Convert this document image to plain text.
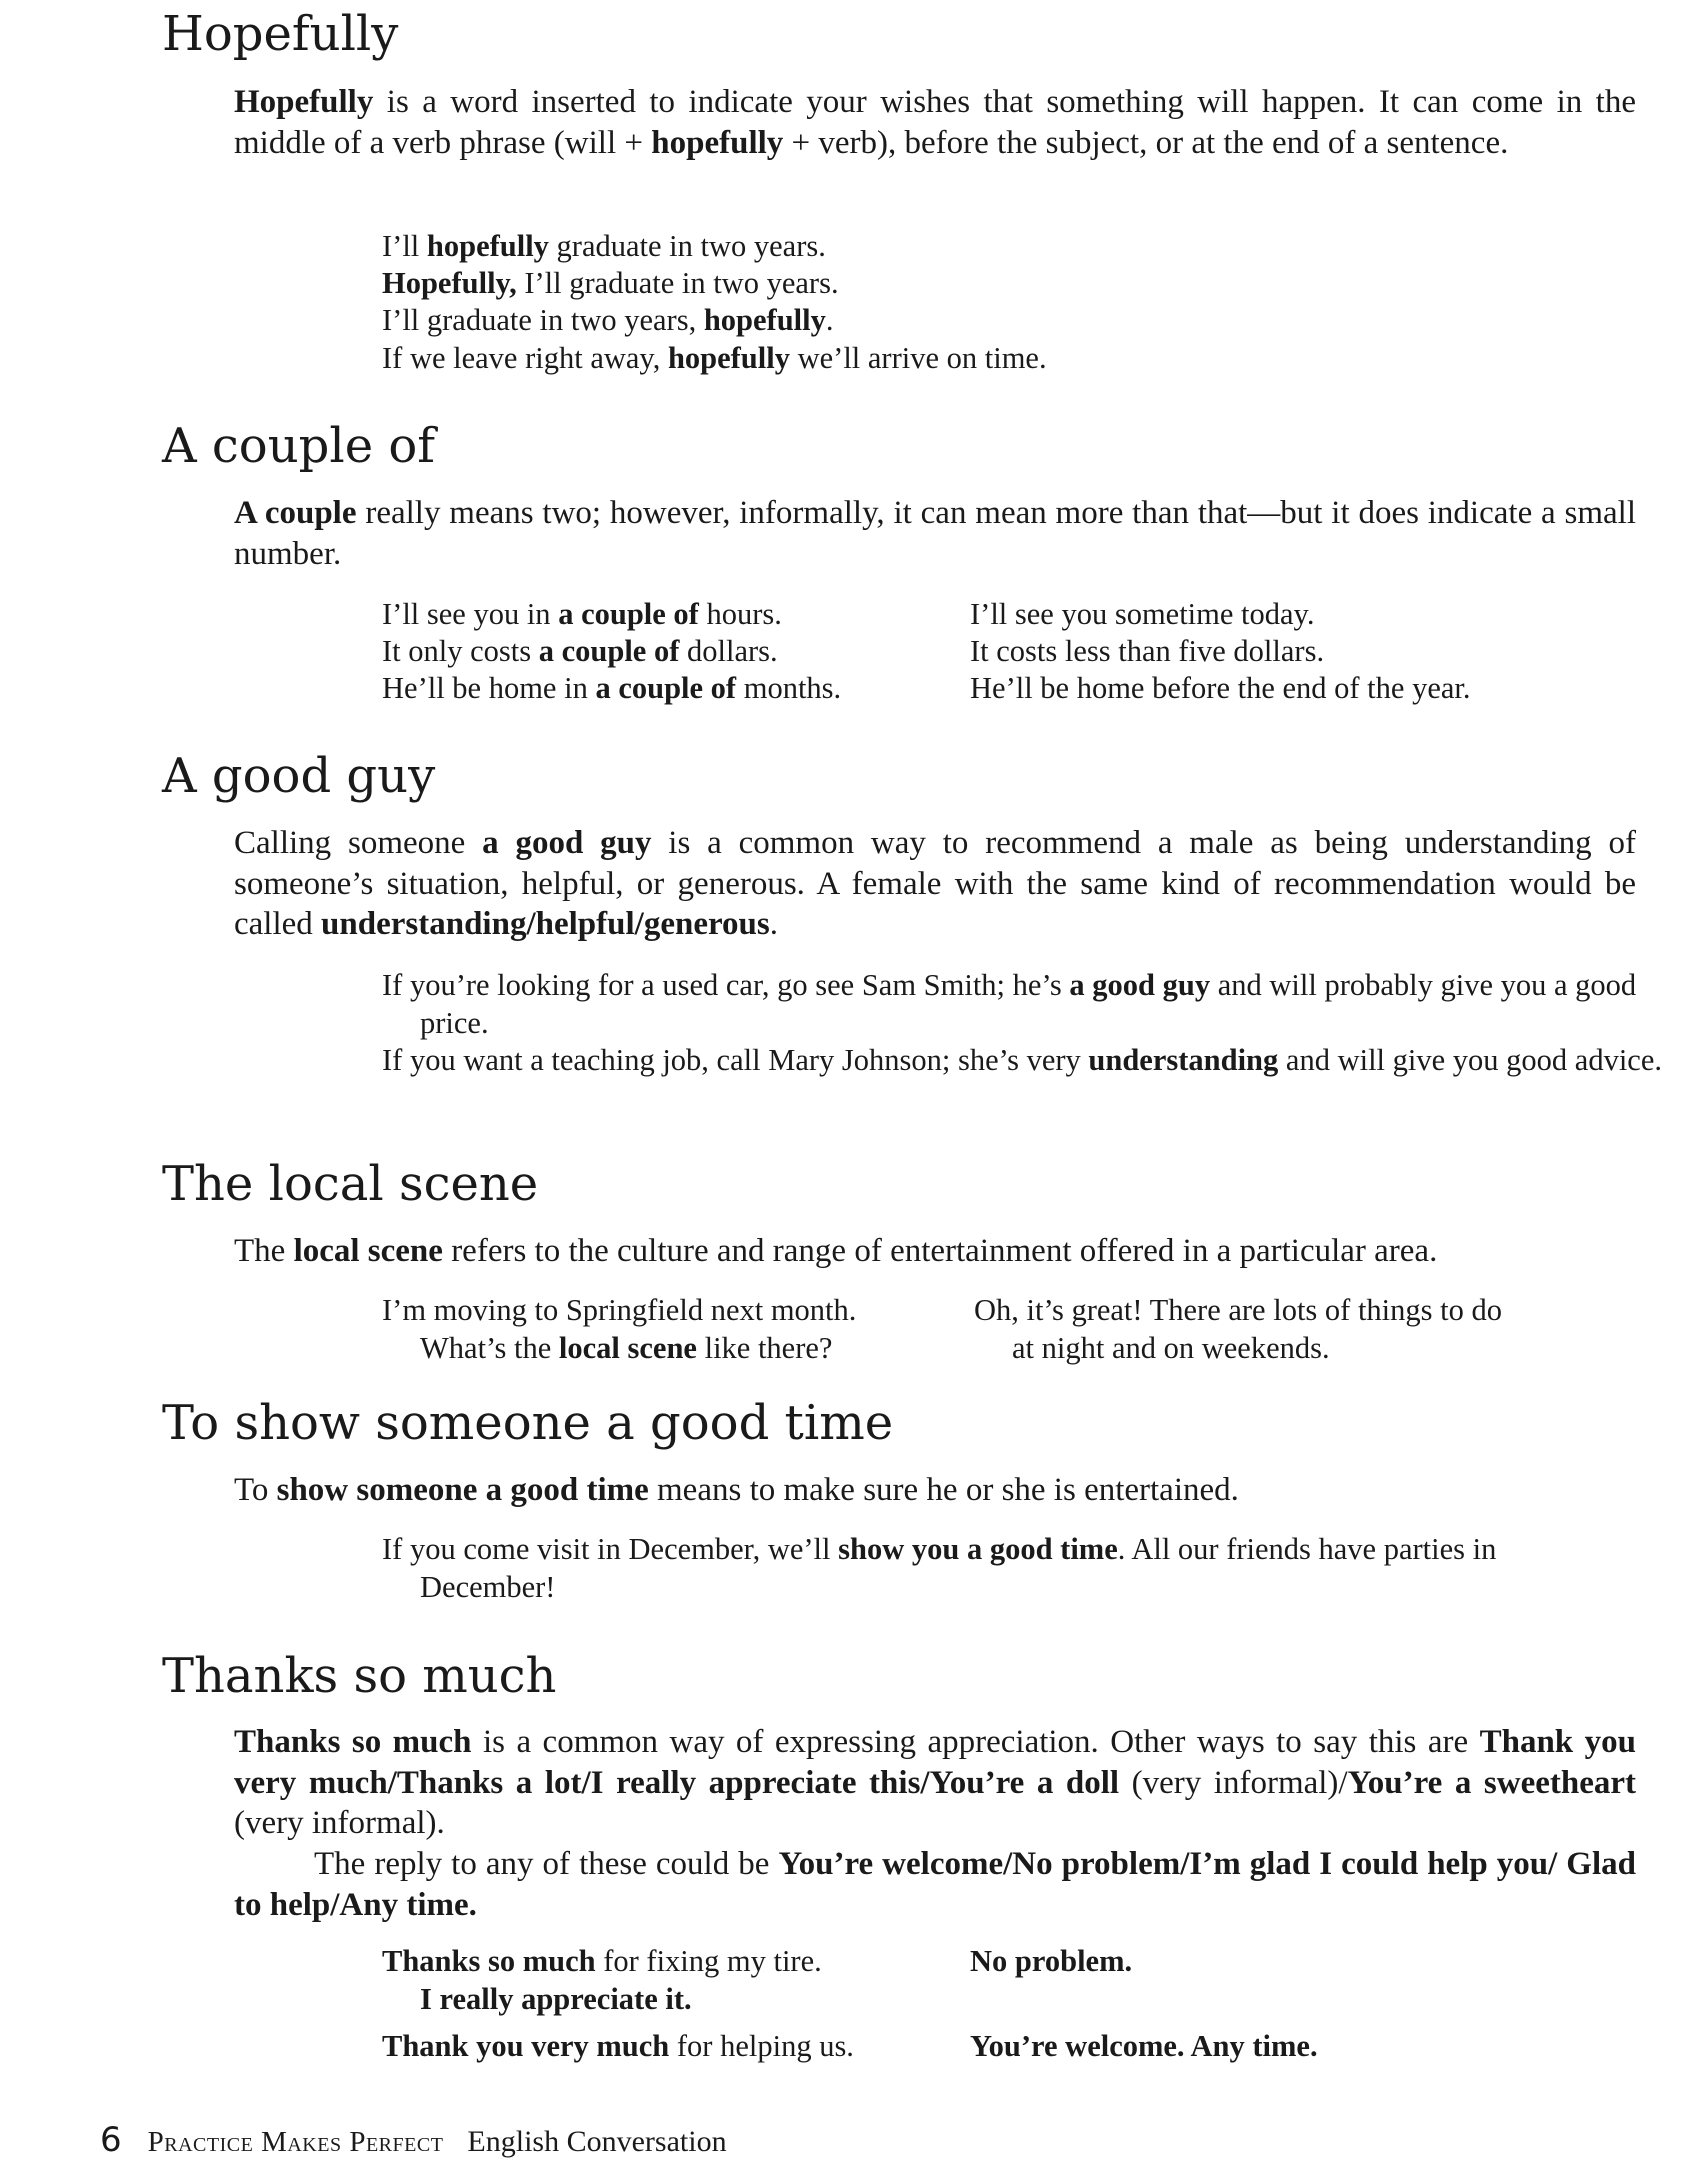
Hopefully

Hopefully is a word inserted to indicate your wishes that something will happen. It can come in the middle of a verb phrase (will + hopefully + verb), before the subject, or at the end of a sentence.

I’ll hopefully graduate in two years.

Hopefully, I’ll graduate in two years.

I’ll graduate in two years, hopefully.

If we leave right away, hopefully we’ll arrive on time.

A couple of

A couple really means two; however, informally, it can mean more than that—but it does indicate a small number.

I’ll see you in a couple of hours.

It only costs a couple of dollars.

He’ll be home in a couple of months.

I’ll see you sometime today.

It costs less than five dollars.

He’ll be home before the end of the year.

A good guy

Calling someone a good guy is a common way to recommend a male as being understanding of someone’s situation, helpful, or generous. A female with the same kind of recommendation would be called understanding/helpful/generous.

If you’re looking for a used car, go see Sam Smith; he’s a good guy and will probably give you a good price.

If you want a teaching job, call Mary Johnson; she’s very understanding and will give you good advice.

The local scene

The local scene refers to the culture and range of entertainment offered in a particular area.

I’m moving to Springfield next month.
What’s the local scene like there?
Oh, it’s great! There are lots of things to do
at night and on weekends.
To show someone a good time

To show someone a good time means to make sure he or she is entertained.

If you come visit in December, we’ll show you a good time. All our friends have parties in
December!
Thanks so much

Thanks so much is a common way of expressing appreciation. Other ways to say this are Thank you very much/Thanks a lot/I really appreciate this/You’re a doll (very informal)/You’re a sweetheart (very informal).

The reply to any of these could be You’re welcome/No problem/I’m glad I could help you/ Glad to help/Any time.

Thanks so much for fixing my tire.
I really appreciate it.

No problem.

Thank you very much for helping us.	You’re welcome. Any time.

6 Practice Makes Perfect English Conversation
